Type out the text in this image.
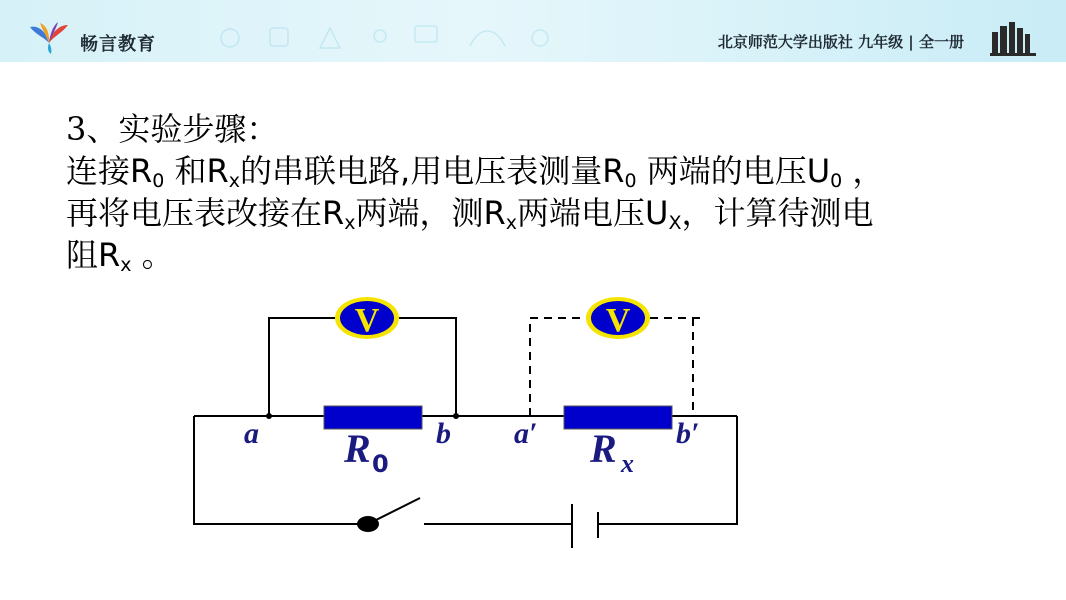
畅言教育	北京师范大学出版社 九年级 | 全一册
3、实验步骤：
连接$R_0$ 和$R_x$的串联电路,用电压表测量$R_0$ 两端的电压$U_0$ ，
再将电压表改接在$R_x$两端，测$R_x$两端电压$U_X$，计算待测电
阻$R_x$ 。
V	V
a	b a′	b′
R	R x
0
